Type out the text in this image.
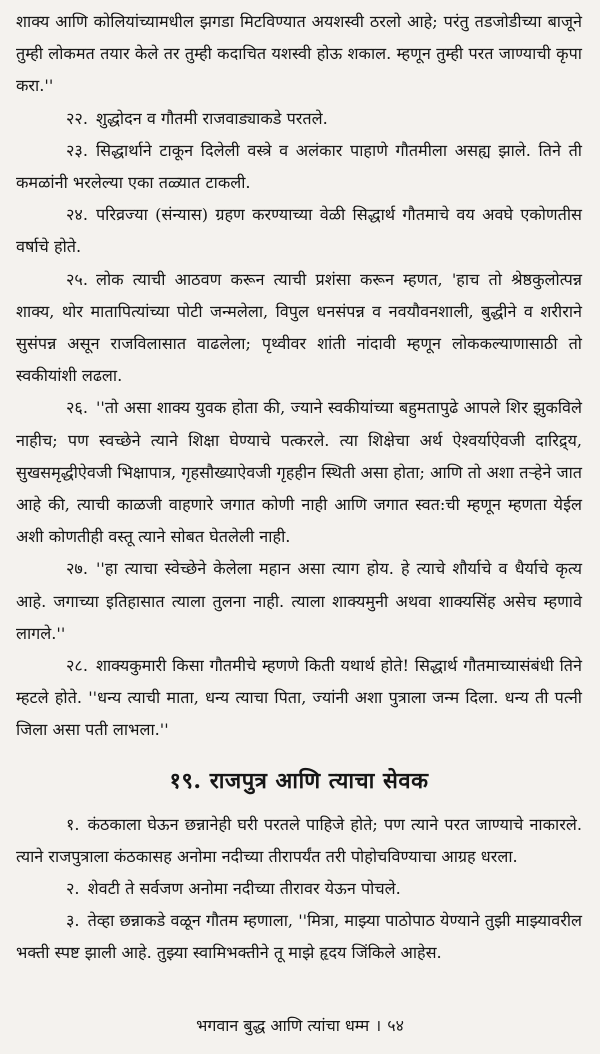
शाक्य आणि कोलियांच्यामधील झगडा मिटविण्यात अयशस्वी ठरलो आहे; परंतु तडजोडीच्या बाजूने तुम्ही लोकमत तयार केले तर तुम्ही कदाचित यशस्वी होऊ शकाल. म्हणून तुम्ही परत जाण्याची कृपा करा.''

२२. शुद्धोदन व गौतमी राजवाड्याकडे परतले.

२३. सिद्धार्थाने टाकून दिलेली वस्त्रे व अलंकार पाहाणे गौतमीला असह्य झाले. तिने ती कमळांनी भरलेल्या एका तळ्यात टाकली.

२४. परिव्रज्या (संन्यास) ग्रहण करण्याच्या वेळी सिद्धार्थ गौतमाचे वय अवघे एकोणतीस वर्षाचे होते.

२५. लोक त्याची आठवण करून त्याची प्रशंसा करून म्हणत, 'हाच तो श्रेष्ठकुलोत्पन्न शाक्य, थोर मातापित्यांच्या पोटी जन्मलेला, विपुल धनसंपन्न व नवयौवनशाली, बुद्धीने व शरीराने सुसंपन्न असून राजविलासात वाढलेला; पृथ्वीवर शांती नांदावी म्हणून लोककल्याणासाठी तो स्वकीयांशी लढला.

२६. ''तो असा शाक्य युवक होता की, ज्याने स्वकीयांच्या बहुमतापुढे आपले शिर झुकविले नाहीच; पण स्वच्छेने त्याने शिक्षा घेण्याचे पत्करले. त्या शिक्षेचा अर्थ ऐश्वर्याऐवजी दारिद्र्य, सुखसमृद्धीऐवजी भिक्षापात्र, गृहसौख्याऐवजी गृहहीन स्थिती असा होता; आणि तो अशा तऱ्हेने जात आहे की, त्याची काळजी वाहणारे जगात कोणी नाही आणि जगात स्वत:ची म्हणून म्हणता येईल अशी कोणतीही वस्तू त्याने सोबत घेतलेली नाही.

२७. ''हा त्याचा स्वेच्छेने केलेला महान असा त्याग होय. हे त्याचे शौर्याचे व धैर्याचे कृत्य आहे. जगाच्या इतिहासात त्याला तुलना नाही. त्याला शाक्यमुनी अथवा शाक्यसिंह असेच म्हणावे लागले.''

२८. शाक्यकुमारी किसा गौतमीचे म्हणणे किती यथार्थ होते! सिद्धार्थ गौतमाच्यासंबंधी तिने म्हटले होते. ''धन्य त्याची माता, धन्य त्याचा पिता, ज्यांनी अशा पुत्राला जन्म दिला. धन्य ती पत्नी जिला असा पती लाभला.''

१९. राजपुत्र आणि त्याचा सेवक

१. कंठकाला घेऊन छन्नानेही घरी परतले पाहिजे होते; पण त्याने परत जाण्याचे नाकारले. त्याने राजपुत्राला कंठकासह अनोमा नदीच्या तीरापर्यंत तरी पोहोचविण्याचा आग्रह धरला.

२. शेवटी ते सर्वजण अनोमा नदीच्या तीरावर येऊन पोचले.

३. तेव्हा छन्नाकडे वळून गौतम म्हणाला, ''मित्रा, माझ्या पाठोपाठ येण्याने तुझी माझ्यावरील भक्ती स्पष्ट झाली आहे. तुझ्या स्वामिभक्तीने तू माझे हृदय जिंकिले आहेस.

भगवान बुद्ध आणि त्यांचा धम्म । ५४
